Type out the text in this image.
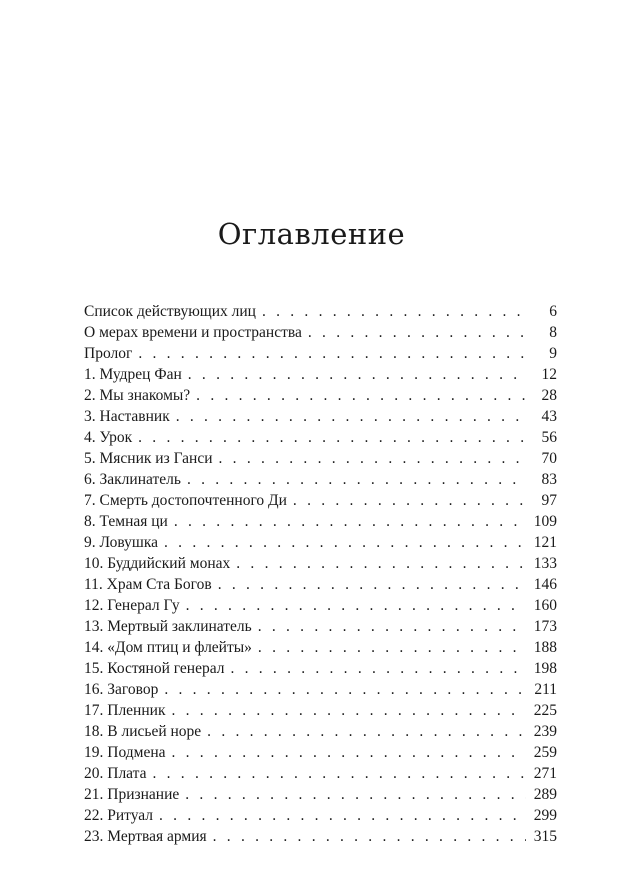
Оглавление
Список действующих лиц . . .	6
О мерах времени и пространства . . .	8
Пролог . . .	9
1. Мудрец Фан . . .	12
2. Мы знакомы? . . .	28
3. Наставник . . .	43
4. Урок . . .	56
5. Мясник из Ганси . . .	70
6. Заклинатель . . .	83
7. Смерть достопочтенного Ди . . .	97
8. Темная ци . . .	109
9. Ловушка . . .	121
10. Буддийский монах . . .	133
11. Храм Ста Богов . . .	146
12. Генерал Гу . . .	160
13. Мертвый заклинатель . . .	173
14. «Дом птиц и флейты» . . .	188
15. Костяной генерал . . .	198
16. Заговор . . .	211
17. Пленник . . .	225
18. В лисьей норе . . .	239
19. Подмена . . .	259
20. Плата . . .	271
21. Признание . . .	289
22. Ритуал . . .	299
23. Мертвая армия . . .	315
